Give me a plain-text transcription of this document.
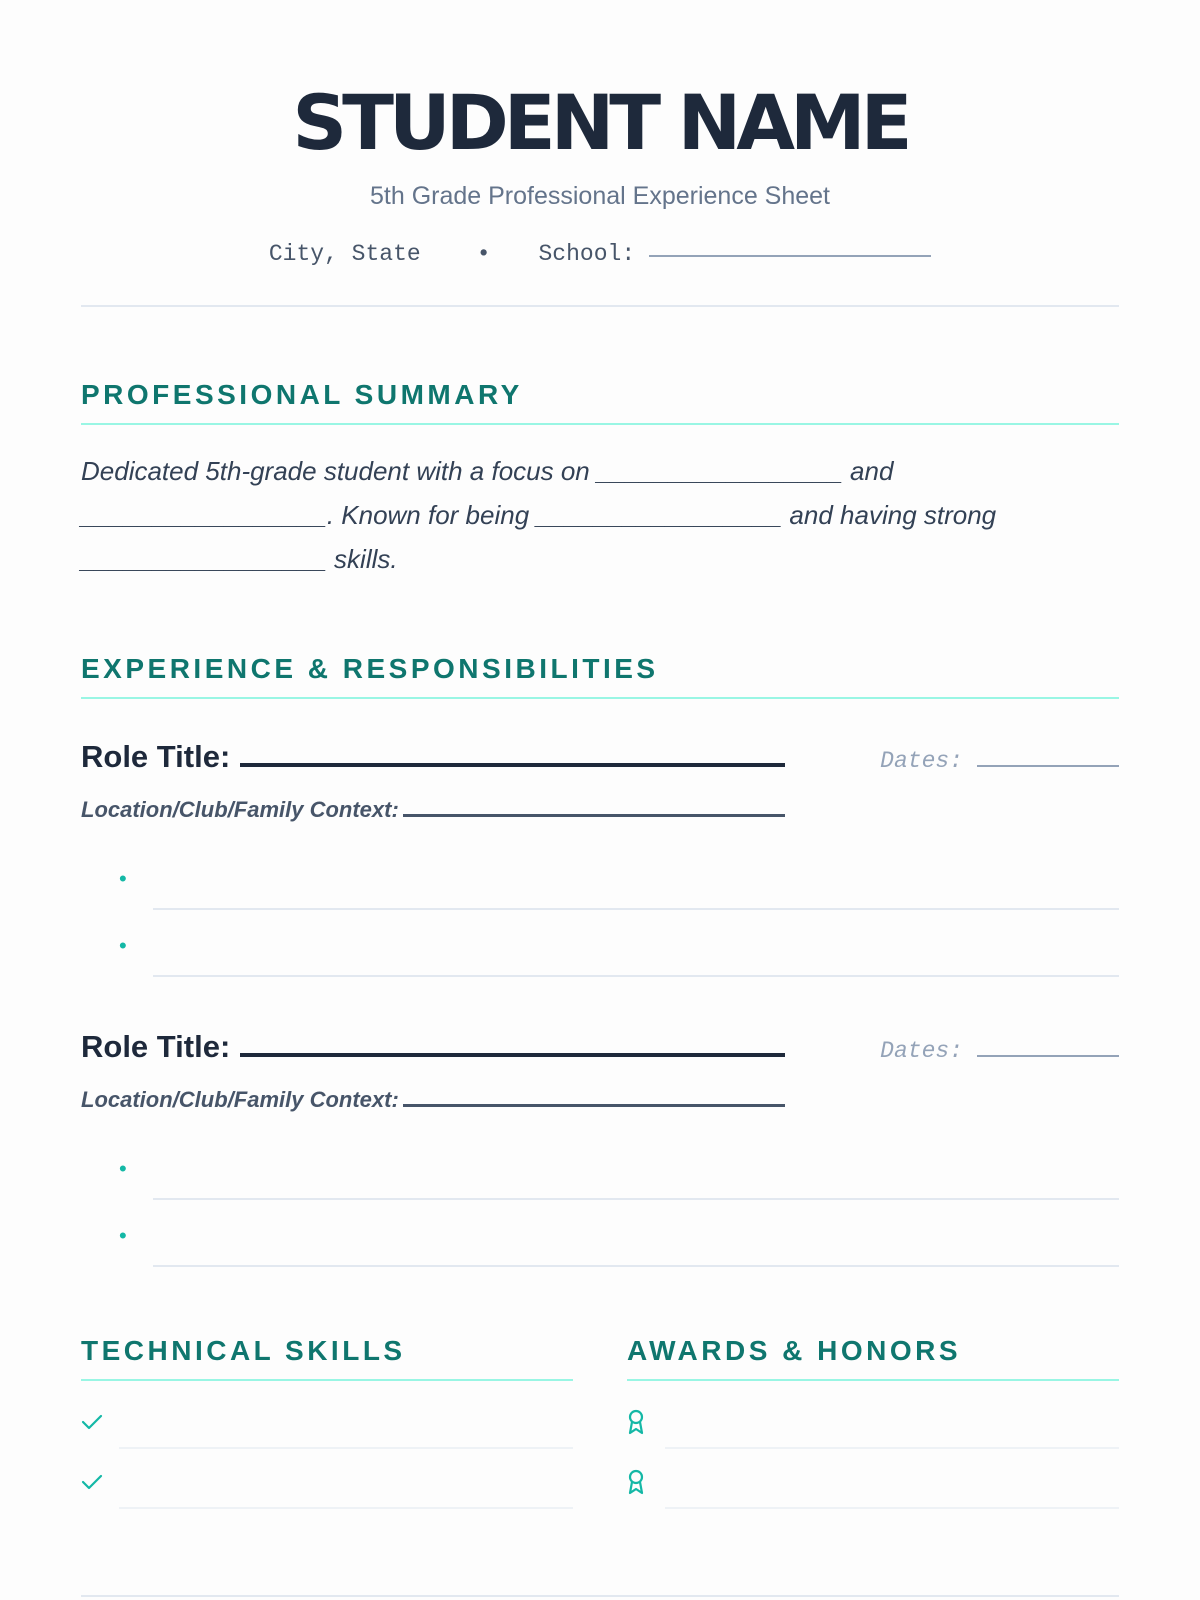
STUDENT NAME
5th Grade Professional Experience Sheet
City, State • School:
PROFESSIONAL SUMMARY
Dedicated 5th-grade student with a focus on _________________ and _________________. Known for being _________________ and having strong _________________ skills.
EXPERIENCE & RESPONSIBILITIES
Role Title:	Dates:
Location/Club/Family Context:
•
•
Role Title:	Dates:
Location/Club/Family Context:
•
•
TECHNICAL SKILLS	AWARDS & HONORS
